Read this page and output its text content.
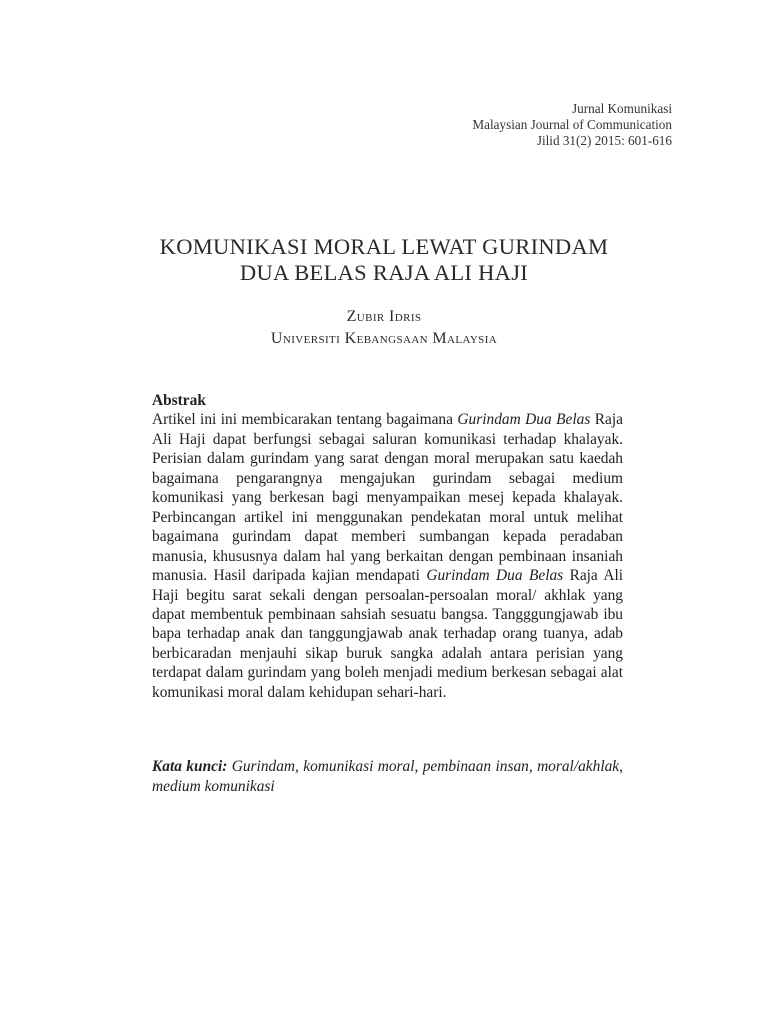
Jurnal Komunikasi
Malaysian Journal of Communication
Jilid 31(2) 2015: 601-616
KOMUNIKASI MORAL LEWAT GURINDAM
DUA BELAS RAJA ALI HAJI
Zubir Idris
Universiti Kebangsaan Malaysia
Abstrak
Artikel ini ini membicarakan tentang bagaimana Gurindam Dua Belas Raja Ali Haji dapat berfungsi sebagai saluran komunikasi terhadap khalayak. Perisian dalam gurindam yang sarat dengan moral merupakan satu kaedah bagaimana pengarangnya mengajukan gurindam sebagai medium komunikasi yang berkesan bagi menyampaikan mesej kepada khalayak. Perbincangan artikel ini menggunakan pendekatan moral untuk melihat bagaimana gurindam dapat memberi sumbangan kepada peradaban manusia, khususnya dalam hal yang berkaitan dengan pembinaan insaniah manusia. Hasil daripada kajian mendapati Gurindam Dua Belas Raja Ali Haji begitu sarat sekali dengan persoalan-persoalan moral/ akhlak yang dapat membentuk pembinaan sahsiah sesuatu bangsa. Tangggungjawab ibu bapa terhadap anak dan tanggungjawab anak terhadap orang tuanya, adab berbicaradan menjauhi sikap buruk sangka adalah antara perisian yang terdapat dalam gurindam yang boleh menjadi medium berkesan sebagai alat komunikasi moral dalam kehidupan sehari-hari.
Kata kunci: Gurindam, komunikasi moral, pembinaan insan, moral/akhlak, medium komunikasi
